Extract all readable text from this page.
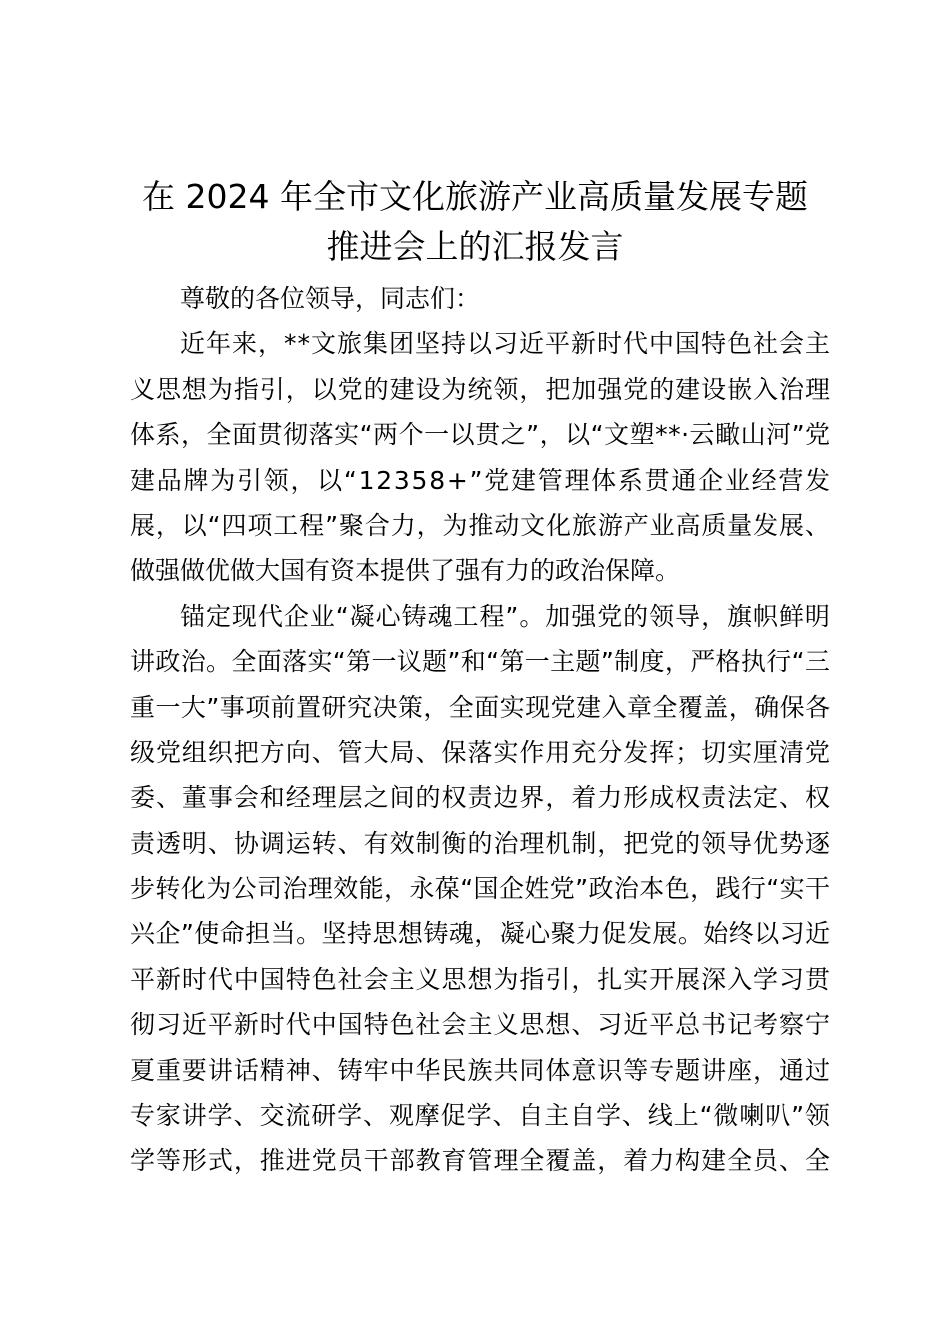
在 2024 年全市文化旅游产业高质量发展专题
推进会上的汇报发言
尊敬的各位领导，同志们：
近年来，**文旅集团坚持以习近平新时代中国特色社会主
义思想为指引，以党的建设为统领，把加强党的建设嵌入治理
体系，全面贯彻落实“两个一以贯之”，以“文塑**·云瞰山河”党
建品牌为引领，以“12358+”党建管理体系贯通企业经营发
展，以“四项工程”聚合力，为推动文化旅游产业高质量发展、
做强做优做大国有资本提供了强有力的政治保障。
锚定现代企业“凝心铸魂工程”。加强党的领导，旗帜鲜明
讲政治。全面落实“第一议题”和“第一主题”制度，严格执行“三
重一大”事项前置研究决策，全面实现党建入章全覆盖，确保各
级党组织把方向、管大局、保落实作用充分发挥；切实厘清党
委、董事会和经理层之间的权责边界，着力形成权责法定、权
责透明、协调运转、有效制衡的治理机制，把党的领导优势逐
步转化为公司治理效能，永葆“国企姓党”政治本色，践行“实干
兴企”使命担当。坚持思想铸魂，凝心聚力促发展。始终以习近
平新时代中国特色社会主义思想为指引，扎实开展深入学习贯
彻习近平新时代中国特色社会主义思想、习近平总书记考察宁
夏重要讲话精神、铸牢中华民族共同体意识等专题讲座，通过
专家讲学、交流研学、观摩促学、自主自学、线上“微喇叭”领
学等形式，推进党员干部教育管理全覆盖，着力构建全员、全
